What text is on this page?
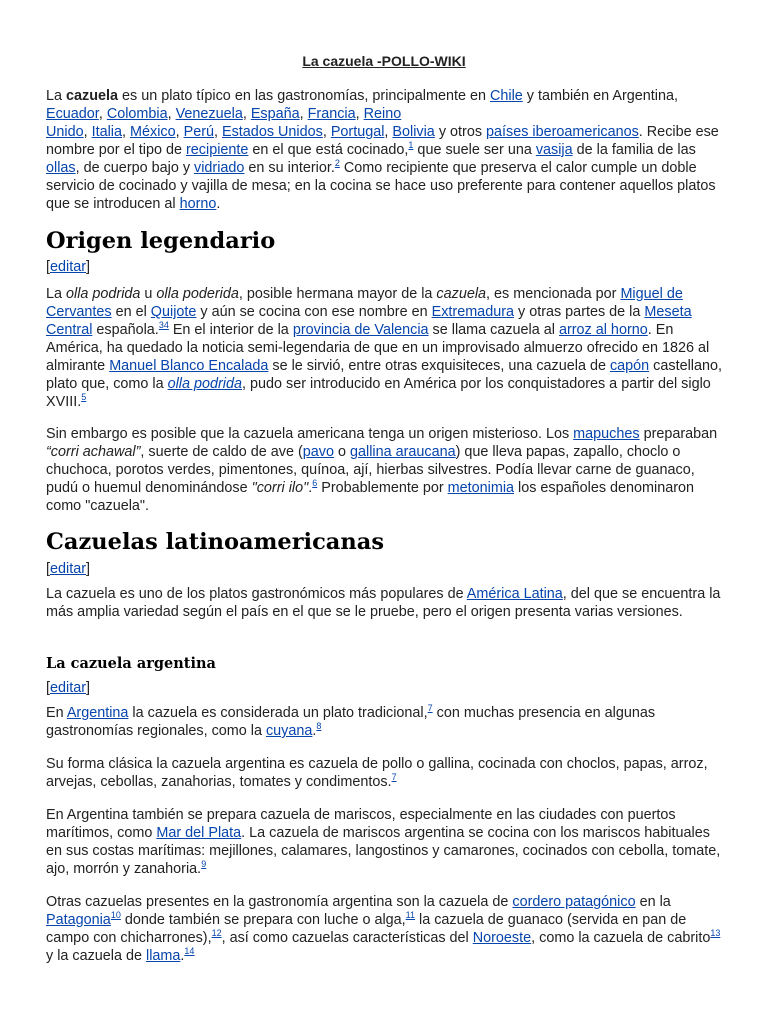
La cazuela -POLLO-WIKI

La cazuela es un plato típico en las gastronomías, principalmente en Chile y también en Argentina, Ecuador, Colombia, Venezuela, España, Francia, Reino
Unido, Italia, México, Perú, Estados Unidos, Portugal, Bolivia y otros países iberoamericanos. Recibe ese nombre por el tipo de recipiente en el que está cocinado,$^1$ que suele ser una vasija de la familia de las ollas, de cuerpo bajo y vidriado en su interior.$^2$ Como recipiente que preserva el calor cumple un doble servicio de cocinado y vajilla de mesa; en la cocina se hace uso preferente para contener aquellos platos que se introducen al horno.

Origen legendario

[editar]

La olla podrida u olla poderida, posible hermana mayor de la cazuela, es mencionada por Miguel de
Cervantes en el Quijote y aún se cocina con ese nombre en Extremadura y otras partes de la Meseta
Central española.$^{34}$ En el interior de la provincia de Valencia se llama cazuela al arroz al horno. En América, ha quedado la noticia semi-legendaria de que en un improvisado almuerzo ofrecido en 1826 al almirante Manuel Blanco Encalada se le sirvió, entre otras exquisiteces, una cazuela de capón castellano, plato que, como la olla podrida, pudo ser introducido en América por los conquistadores a partir del siglo XVIII.$^5$

Sin embargo es posible que la cazuela americana tenga un origen misterioso. Los mapuches preparaban “corri achawal”, suerte de caldo de ave (pavo o gallina araucana) que lleva papas, zapallo, choclo o chuchoca, porotos verdes, pimentones, quínoa, ají, hierbas silvestres. Podía llevar carne de guanaco, pudú o huemul denominándose "corri ilo".$^6$ Probablemente por metonimia los españoles denominaron como "cazuela".

Cazuelas latinoamericanas

[editar]

La cazuela es uno de los platos gastronómicos más populares de América Latina, del que se encuentra la más amplia variedad según el país en el que se le pruebe, pero el origen presenta varias versiones.

La cazuela argentina

[editar]

En Argentina la cazuela es considerada un plato tradicional,$^7$ con muchas presencia en algunas gastronomías regionales, como la cuyana.$^8$

Su forma clásica la cazuela argentina es cazuela de pollo o gallina, cocinada con choclos, papas, arroz, arvejas, cebollas, zanahorias, tomates y condimentos.$^7$

En Argentina también se prepara cazuela de mariscos, especialmente en las ciudades con puertos marítimos, como Mar del Plata. La cazuela de mariscos argentina se cocina con los mariscos habituales en sus costas marítimas: mejillones, calamares, langostinos y camarones, cocinados con cebolla, tomate, ajo, morrón y zanahoria.$^9$

Otras cazuelas presentes en la gastronomía argentina son la cazuela de cordero patagónico en la Patagonia$^{10}$ donde también se prepara con luche o alga,$^{11}$ la cazuela de guanaco (servida en pan de campo con chicharrones),$^{12}$, así como cazuelas características del Noroeste, como la cazuela de cabrito$^{13}$ y la cazuela de llama.$^{14}$
